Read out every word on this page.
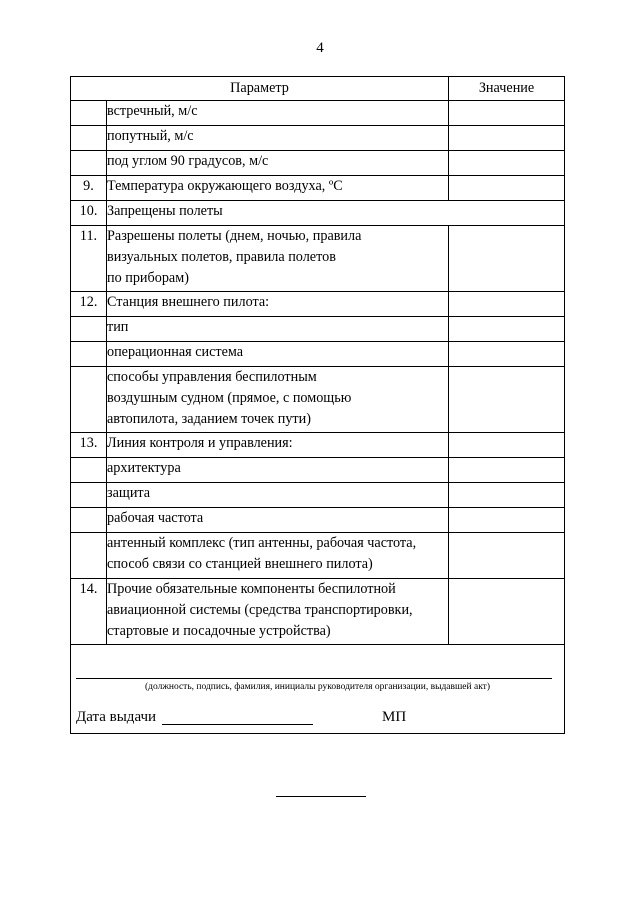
4
Параметр		Значение
	встречный, м/с	
	попутный, м/с	
	под углом 90 градусов, м/с	
9.	Температура окружающего воздуха, ºС	
10.	Запрещены полеты	
11.	Разрешены полеты (днем, ночью, правила
визуальных полетов, правила полетов
по приборам)	
12.	Станция внешнего пилота:	
	тип	
	операционная система	
	способы управления беспилотным
воздушным судном (прямое, с помощью
автопилота, заданием точек пути)	
13.	Линия контроля и управления:	
	архитектура	
	защита	
	рабочая частота	
	антенный комплекс (тип антенны, рабочая частота,
способ связи со станцией внешнего пилота)	
14.	Прочие обязательные компоненты беспилотной
авиационной системы (средства транспортировки,
стартовые и посадочные устройства)	

(должность, подпись, фамилия, инициалы руководителя организации, выдавшей акт)
Дата выдачи МП		
